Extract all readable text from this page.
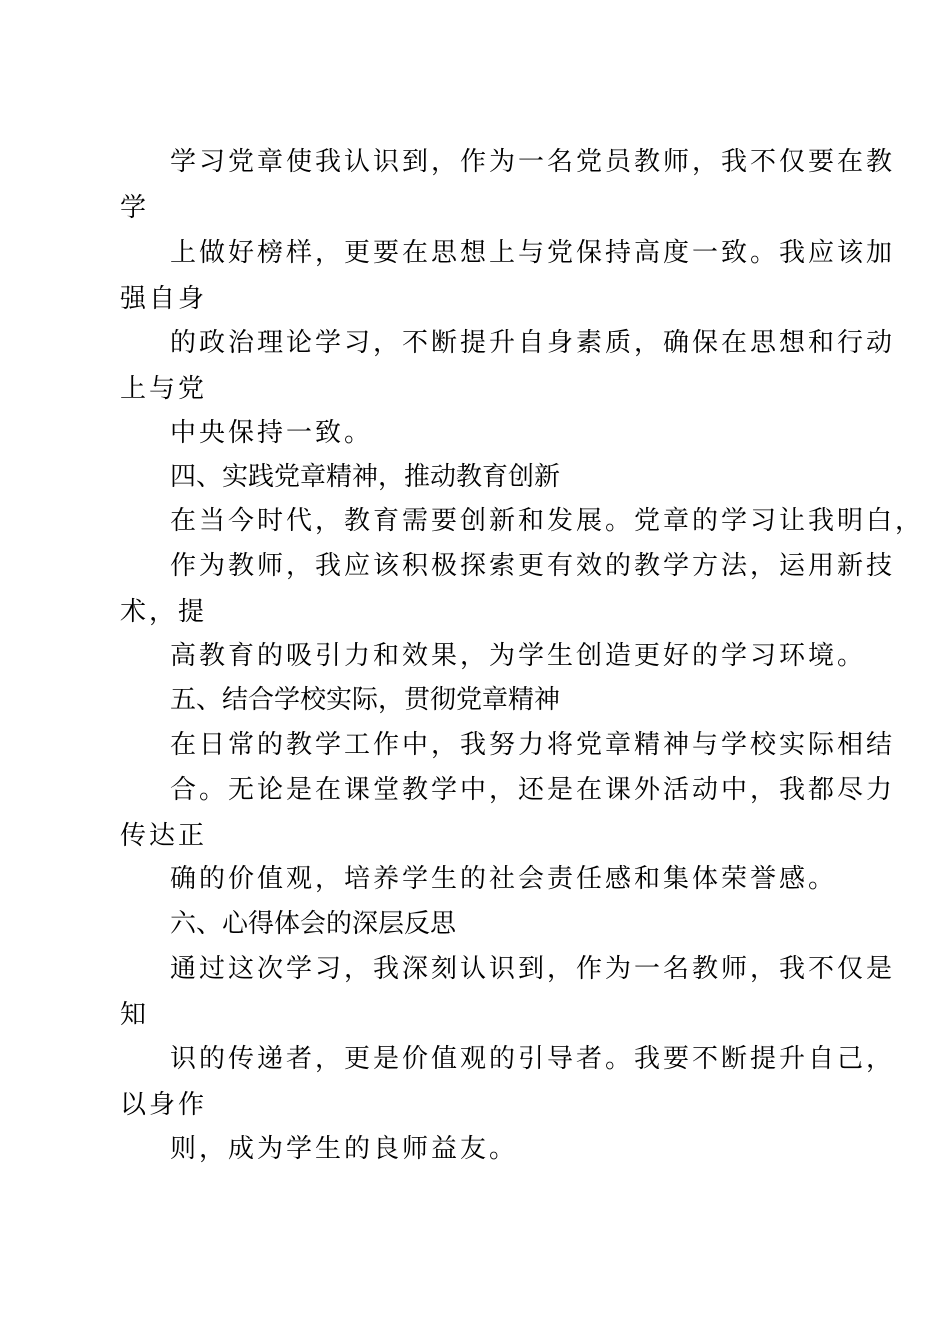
学习党章使我认识到，作为一名党员教师，我不仅要在教
学
上做好榜样，更要在思想上与党保持高度一致。我应该加
强自身
的政治理论学习，不断提升自身素质，确保在思想和行动
上与党
中央保持一致。
四、实践党章精神，推动教育创新
在当今时代，教育需要创新和发展。党章的学习让我明白，
作为教师，我应该积极探索更有效的教学方法，运用新技
术，提
高教育的吸引力和效果，为学生创造更好的学习环境。
五、结合学校实际，贯彻党章精神
在日常的教学工作中，我努力将党章精神与学校实际相结
合。无论是在课堂教学中，还是在课外活动中，我都尽力
传达正
确的价值观，培养学生的社会责任感和集体荣誉感。
六、心得体会的深层反思
通过这次学习，我深刻认识到，作为一名教师，我不仅是
知
识的传递者，更是价值观的引导者。我要不断提升自己，
以身作
则，成为学生的良师益友。
